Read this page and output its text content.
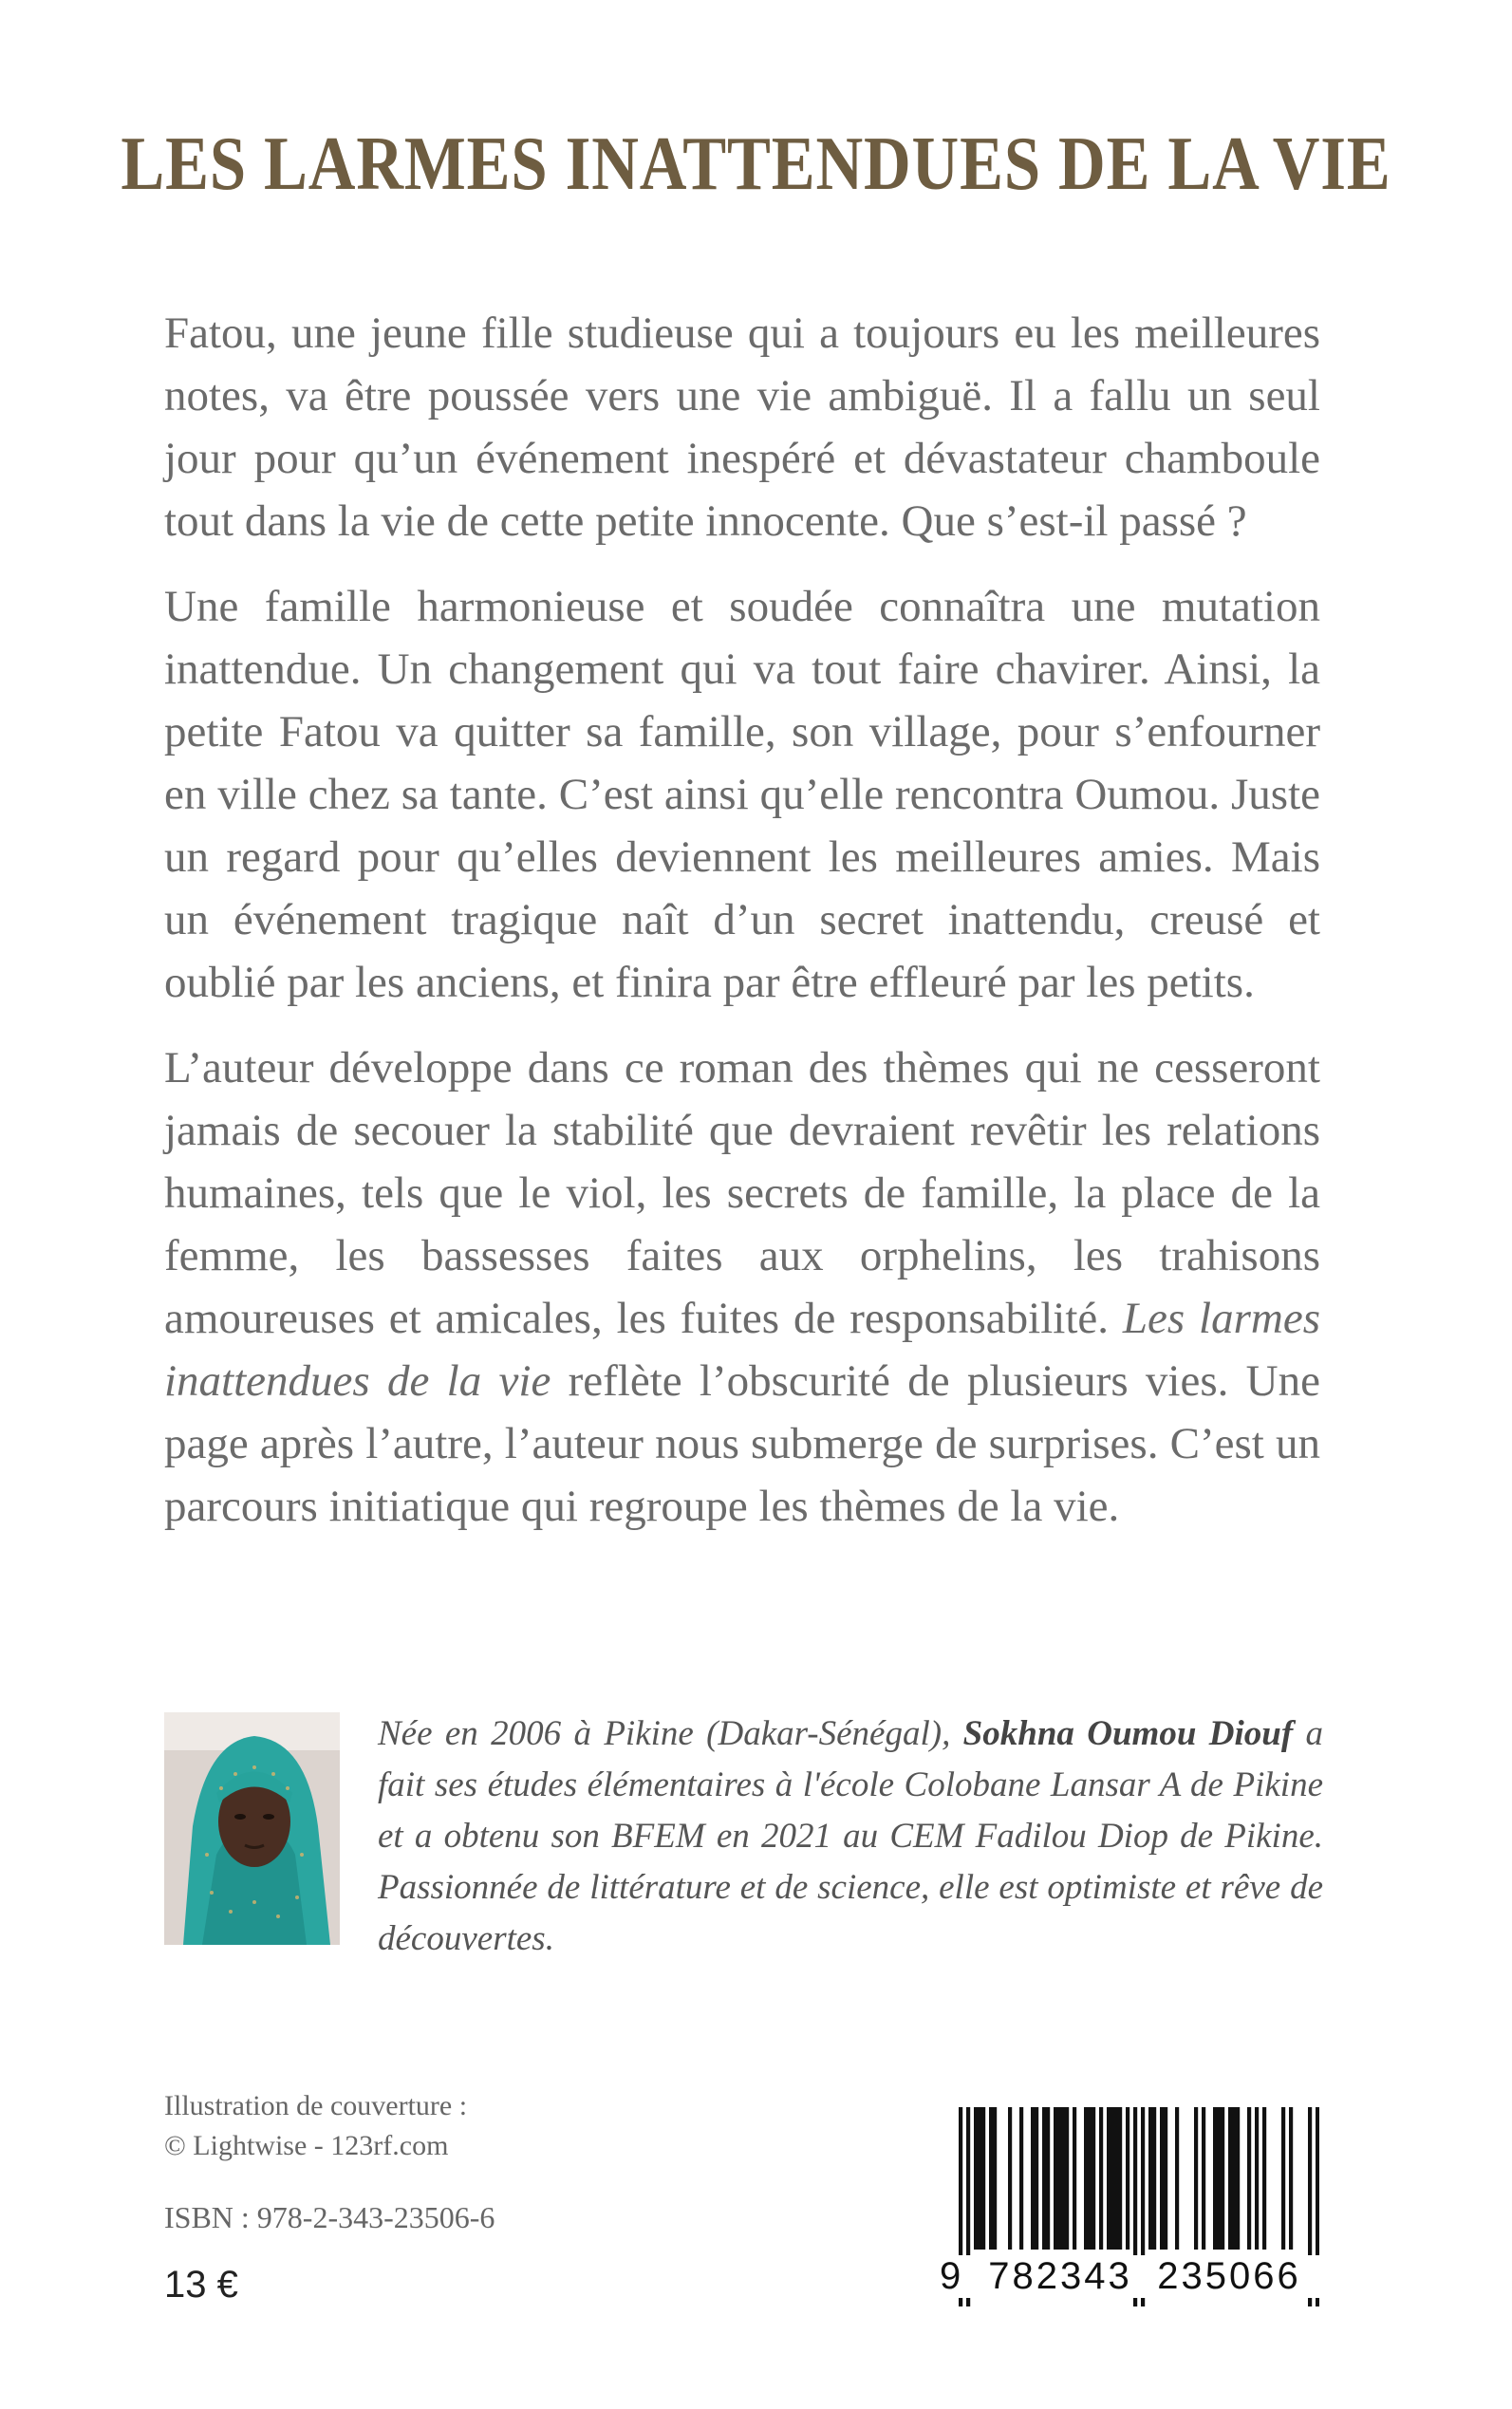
LES LARMES INATTENDUES DE LA VIE

Fatou, une jeune fille studieuse qui a toujours eu les meilleures notes, va être poussée vers une vie ambiguë. Il a fallu un seul jour pour qu’un événement inespéré et dévastateur chamboule tout dans la vie de cette petite innocente. Que s’est-il passé ?

Une famille harmonieuse et soudée connaîtra une mutation inattendue. Un changement qui va tout faire chavirer. Ainsi, la petite Fatou va quitter sa famille, son village, pour s’enfourner en ville chez sa tante. C’est ainsi qu’elle rencontra Oumou. Juste un regard pour qu’elles deviennent les meilleures amies. Mais un événement tragique naît d’un secret inattendu, creusé et oublié par les anciens, et finira par être effleuré par les petits.

L’auteur développe dans ce roman des thèmes qui ne cesseront jamais de secouer la stabilité que devraient revêtir les relations humaines, tels que le viol, les secrets de famille, la place de la femme, les bassesses faites aux orphelins, les trahisons amoureuses et amicales, les fuites de responsabilité. Les larmes inattendues de la vie reflète l’obscurité de plusieurs vies. Une page après l’autre, l’auteur nous submerge de surprises. C’est un parcours initiatique qui regroupe les thèmes de la vie.

Née en 2006 à Pikine (Dakar-Sénégal), Sokhna Oumou Diouf a fait ses études élémentaires à l'école Colobane Lansar A de Pikine et a obtenu son BFEM en 2021 au CEM Fadilou Diop de Pikine. Passionnée de littérature et de science, elle est optimiste et rêve de découvertes.
Illustration de couverture :
© Lightwise - 123rf.com
ISBN : 978-2-343-23506-6
13 €	9 782343 235066
